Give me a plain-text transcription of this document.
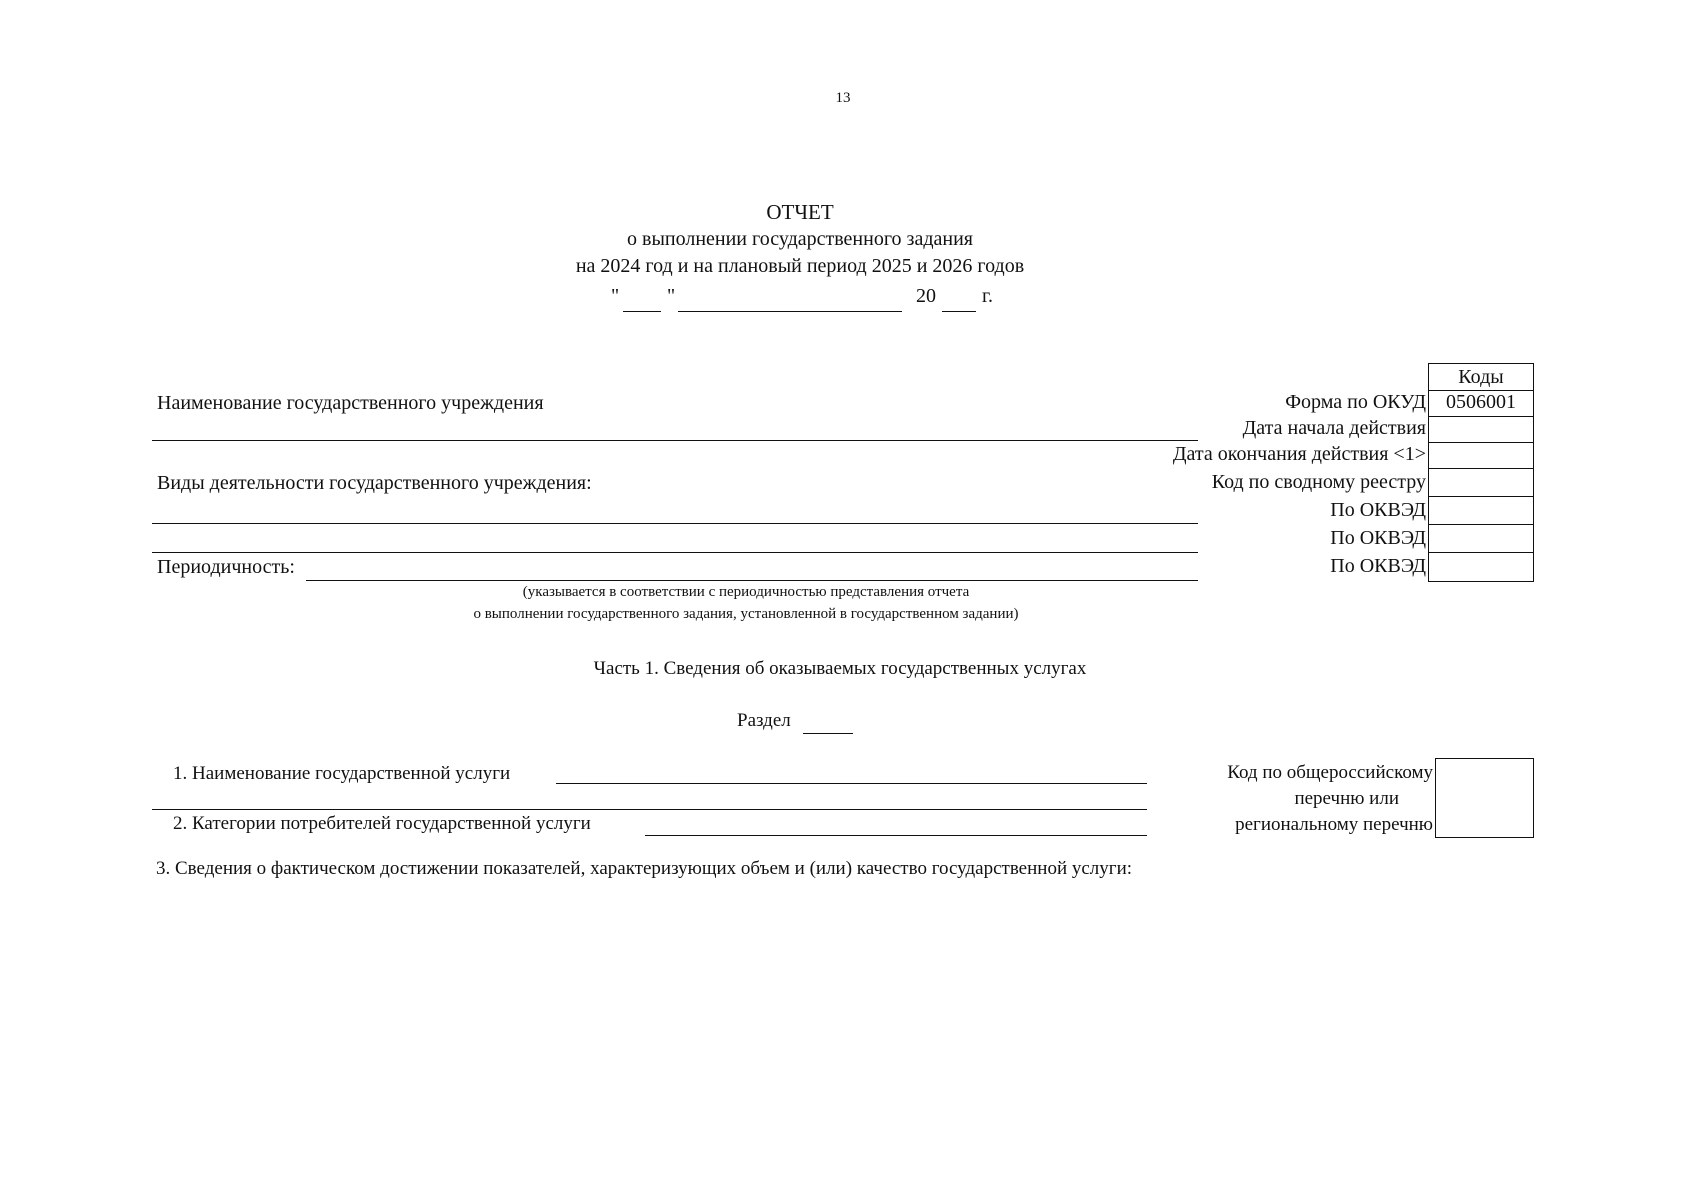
13
ОТЧЕТ
о выполнении государственного задания
на 2024 год и на плановый период 2025 и 2026 годов
" "	20 г.
Коды
0506001
Форма по ОКУД
Дата начала действия
Дата окончания действия <1>
Код по сводному реестру
По ОКВЭД
По ОКВЭД
По ОКВЭД
Наименование государственного учреждения
Виды деятельности государственного учреждения:
Периодичность:
(указывается в соответствии с периодичностью представления отчета
о выполнении государственного задания, установленной в государственном задании)
Часть 1. Сведения об оказываемых государственных услугах
Раздел
1. Наименование государственной услуги
2. Категории потребителей государственной услуги
Код по общероссийскому
перечню или
региональному перечню
3. Сведения о фактическом достижении показателей, характеризующих объем и (или) качество государственной услуги:
